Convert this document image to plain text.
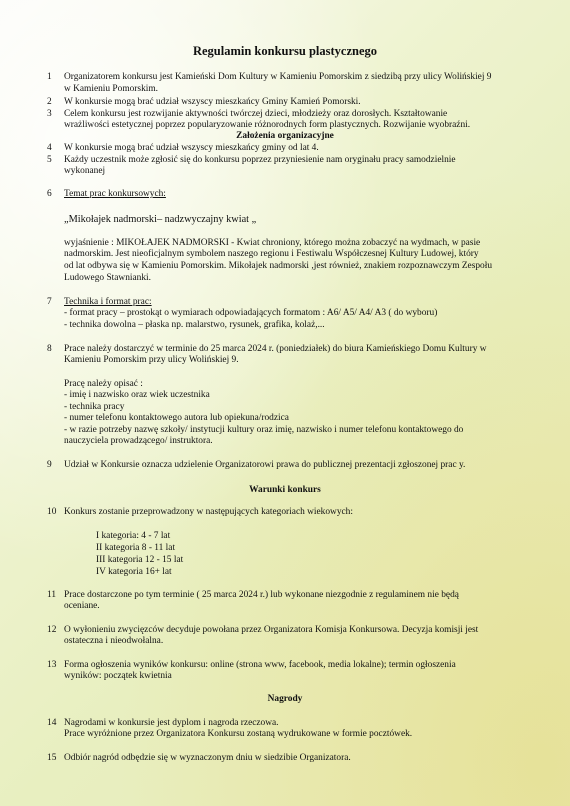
Regulamin konkursu plastycznego
1 Organizatorem konkursu jest Kamieński Dom Kultury w Kamieniu Pomorskim z siedzibą przy ulicy Wolińskiej 9
w Kamieniu Pomorskim.
2 W konkursie mogą brać udział wszyscy mieszkańcy Gminy Kamień Pomorski.
3 Celem konkursu jest rozwijanie aktywności twórczej dzieci, młodzieży oraz dorosłych. Kształtowanie
wrażliwości estetycznej poprzez popularyzowanie różnorodnych form plastycznych. Rozwijanie wyobraźni.
Założenia organizacyjne
4 W konkursie mogą brać udział wszyscy mieszkańcy gminy od lat 4.
5 Każdy uczestnik może zgłosić się do konkursu poprzez przyniesienie nam oryginału pracy samodzielnie
wykonanej
6 Temat prac konkursowych:
„Mikołajek nadmorski– nadzwyczajny kwiat „
wyjaśnienie : MIKOŁAJEK NADMORSKI - Kwiat chroniony, którego można zobaczyć na wydmach, w pasie
nadmorskim. Jest nieoficjalnym symbolem naszego regionu i Festiwalu Współczesnej Kultury Ludowej, który
od lat odbywa się w Kamieniu Pomorskim. Mikołajek nadmorski ,jest również, znakiem rozpoznawczym Zespołu
Ludowego Stawnianki.
7 Technika i format prac:
- format pracy – prostokąt o wymiarach odpowiadających formatom : A6/ A5/ A4/ A3 ( do wyboru)
- technika dowolna – płaska np. malarstwo, rysunek, grafika, kolaż,...
8 Prace należy dostarczyć w terminie do 25 marca 2024 r. (poniedziałek) do biura Kamieńskiego Domu Kultury w
Kamieniu Pomorskim przy ulicy Wolińskiej 9.
Pracę należy opisać :
- imię i nazwisko oraz wiek uczestnika
- technika pracy
- numer telefonu kontaktowego autora lub opiekuna/rodzica
- w razie potrzeby nazwę szkoły/ instytucji kultury oraz imię, nazwisko i numer telefonu kontaktowego do
nauczyciela prowadzącego/ instruktora.
9 Udział w Konkursie oznacza udzielenie Organizatorowi prawa do publicznej prezentacji zgłoszonej prac y.
Warunki konkurs
10 Konkurs zostanie przeprowadzony w następujących kategoriach wiekowych:
I kategoria: 4 - 7 lat
II kategoria 8 - 11 lat
III kategoria 12 - 15 lat
IV kategoria 16+ lat
11 Prace dostarczone po tym terminie ( 25 marca 2024 r.) lub wykonane niezgodnie z regulaminem nie będą
oceniane.
12 O wyłonieniu zwycięzców decyduje powołana przez Organizatora Komisja Konkursowa. Decyzja komisji jest
ostateczna i nieodwołalna.
13 Forma ogłoszenia wyników konkursu: online (strona www, facebook, media lokalne); termin ogłoszenia
wyników: początek kwietnia
Nagrody
14 Nagrodami w konkursie jest dyplom i nagroda rzeczowa.
Prace wyróżnione przez Organizatora Konkursu zostaną wydrukowane w formie pocztówek.
15 Odbiór nagród odbędzie się w wyznaczonym dniu w siedzibie Organizatora.
